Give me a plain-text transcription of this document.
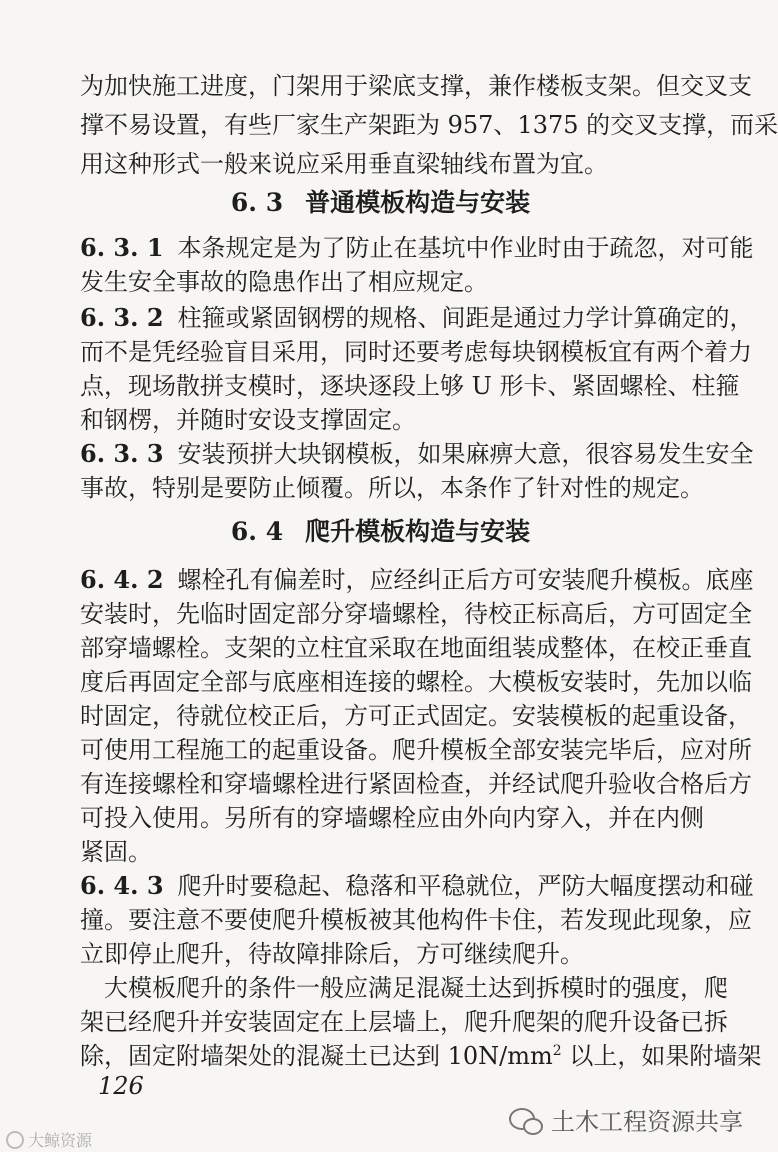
为加快施工进度，门架用于梁底支撑，兼作楼板支架。但交叉支
撑不易设置，有些厂家生产架距为 957、1375 的交叉支撑，而采
用这种形式一般来说应采用垂直梁轴线布置为宜。
6. 3 普通模板构造与安装
6. 3. 1 本条规定是为了防止在基坑中作业时由于疏忽，对可能
发生安全事故的隐患作出了相应规定。
6. 3. 2 柱箍或紧固钢楞的规格、间距是通过力学计算确定的，
而不是凭经验盲目采用，同时还要考虑每块钢模板宜有两个着力
点，现场散拼支模时，逐块逐段上够 U 形卡、紧固螺栓、柱箍
和钢楞，并随时安设支撑固定。
6. 3. 3 安装预拼大块钢模板，如果麻痹大意，很容易发生安全
事故，特别是要防止倾覆。所以，本条作了针对性的规定。
6. 4 爬升模板构造与安装
6. 4. 2 螺栓孔有偏差时，应经纠正后方可安装爬升模板。底座
安装时，先临时固定部分穿墙螺栓，待校正标高后，方可固定全
部穿墙螺栓。支架的立柱宜采取在地面组装成整体，在校正垂直
度后再固定全部与底座相连接的螺栓。大模板安装时，先加以临
时固定，待就位校正后，方可正式固定。安装模板的起重设备，
可使用工程施工的起重设备。爬升模板全部安装完毕后，应对所
有连接螺栓和穿墙螺栓进行紧固检查，并经试爬升验收合格后方
可投入使用。另所有的穿墙螺栓应由外向内穿入，并在内侧
紧固。
6. 4. 3 爬升时要稳起、稳落和平稳就位，严防大幅度摆动和碰
撞。要注意不要使爬升模板被其他构件卡住，若发现此现象，应
立即停止爬升，待故障排除后，方可继续爬升。
大模板爬升的条件一般应满足混凝土达到拆模时的强度，爬
架已经爬升并安装固定在上层墙上，爬升爬架的爬升设备已拆
除，固定附墙架处的混凝土已达到 $10N/mm^2$ 以上，如果附墙架
126
土木工程资源共享
大鲸资源
